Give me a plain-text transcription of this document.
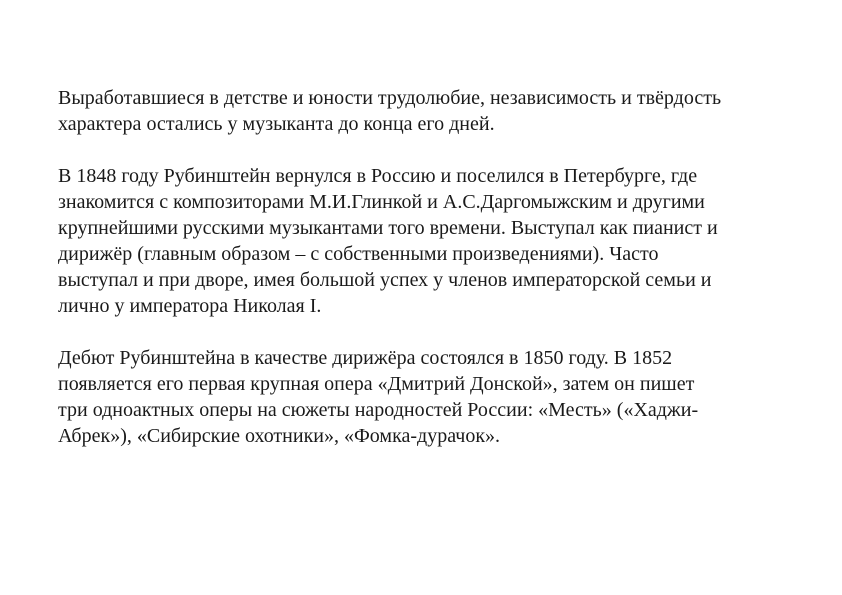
Выработавшиеся в детстве и юности трудолюбие, независимость и твёрдость
характера остались у музыканта до конца его дней.

В 1848 году Рубинштейн вернулся в Россию и поселился в Петербурге, где
знакомится с композиторами М.И.Глинкой и А.С.Даргомыжским и другими
крупнейшими русскими музыкантами того времени. Выступал как пианист и
дирижёр (главным образом – с собственными произведениями). Часто
выступал и при дворе, имея большой успех у членов императорской семьи и
лично у императора Николая I.

Дебют Рубинштейна в качестве дирижёра состоялся в 1850 году. В 1852
появляется его первая крупная опера «Дмитрий Донской», затем он пишет
три одноактных оперы на сюжеты народностей России: «Месть» («Хаджи-
Абрек»), «Сибирские охотники», «Фомка-дурачок».
